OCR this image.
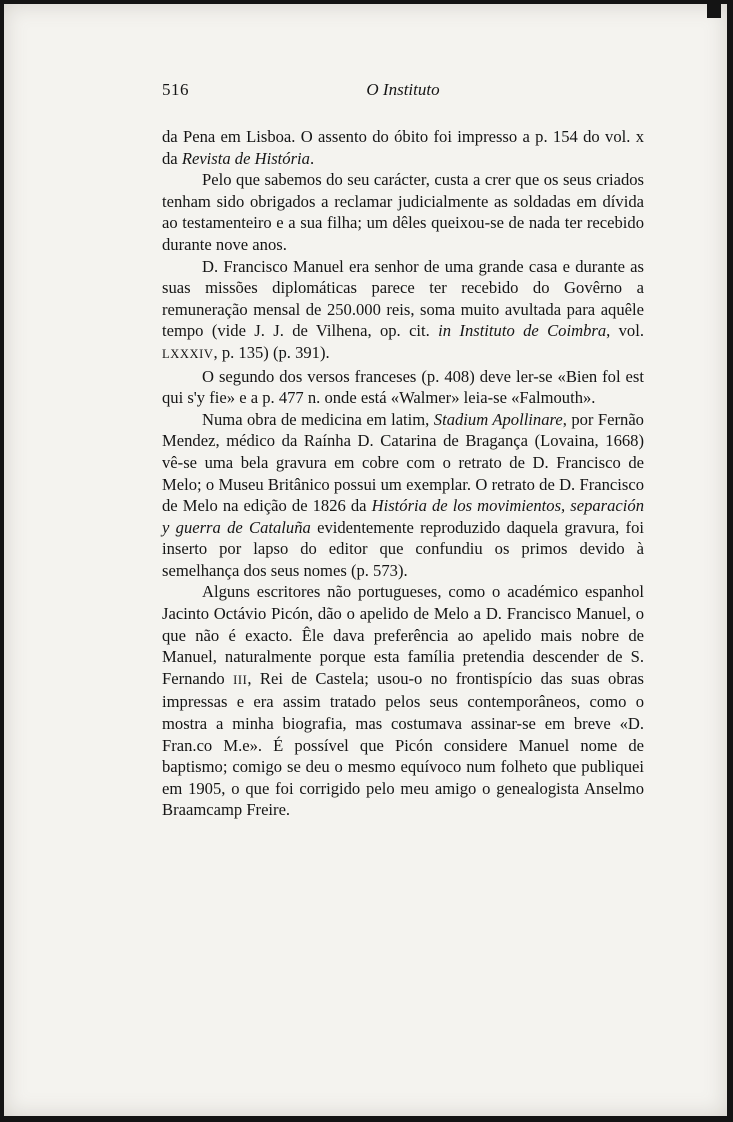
516	O Instituto

da Pena em Lisboa. O assento do óbito foi impresso a p. 154 do vol. x da Revista de História.

Pelo que sabemos do seu carácter, custa a crer que os seus criados tenham sido obrigados a reclamar judicialmente as soldadas em dívida ao testamenteiro e a sua filha; um dêles queixou-se de nada ter recebido durante nove anos.

D. Francisco Manuel era senhor de uma grande casa e durante as suas missões diplomáticas parece ter recebido do Govêrno a remuneração mensal de 250.000 reis, soma muito avultada para aquêle tempo (vide J. J. de Vilhena, op. cit. in Instituto de Coimbra, vol. LXXXIV, p. 135) (p. 391).

O segundo dos versos franceses (p. 408) deve ler-se «Bien fol est qui s'y fie» e a p. 477 n. onde está «Walmer» leia-se «Falmouth».

Numa obra de medicina em latim, Stadium Apollinare, por Fernão Mendez, médico da Raínha D. Catarina de Bragança (Lovaina, 1668) vê-se uma bela gravura em cobre com o retrato de D. Francisco de Melo; o Museu Britânico possui um exemplar. O retrato de D. Francisco de Melo na edição de 1826 da História de los movimientos, separación y guerra de Cataluña evidentemente reproduzido daquela gravura, foi inserto por lapso do editor que confundiu os primos devido à semelhança dos seus nomes (p. 573).

Alguns escritores não portugueses, como o académico espanhol Jacinto Octávio Picón, dão o apelido de Melo a D. Francisco Manuel, o que não é exacto. Êle dava preferência ao apelido mais nobre de Manuel, naturalmente porque esta família pretendia descender de S. Fernando III, Rei de Castela; usou-o no frontispício das suas obras impressas e era assim tratado pelos seus contemporâneos, como o mostra a minha biografia, mas costumava assinar-se em breve «D. Fran.co M.e». É possível que Picón considere Manuel nome de baptismo; comigo se deu o mesmo equívoco num folheto que publiquei em 1905, o que foi corrigido pelo meu amigo o genealogista Anselmo Braamcamp Freire.
